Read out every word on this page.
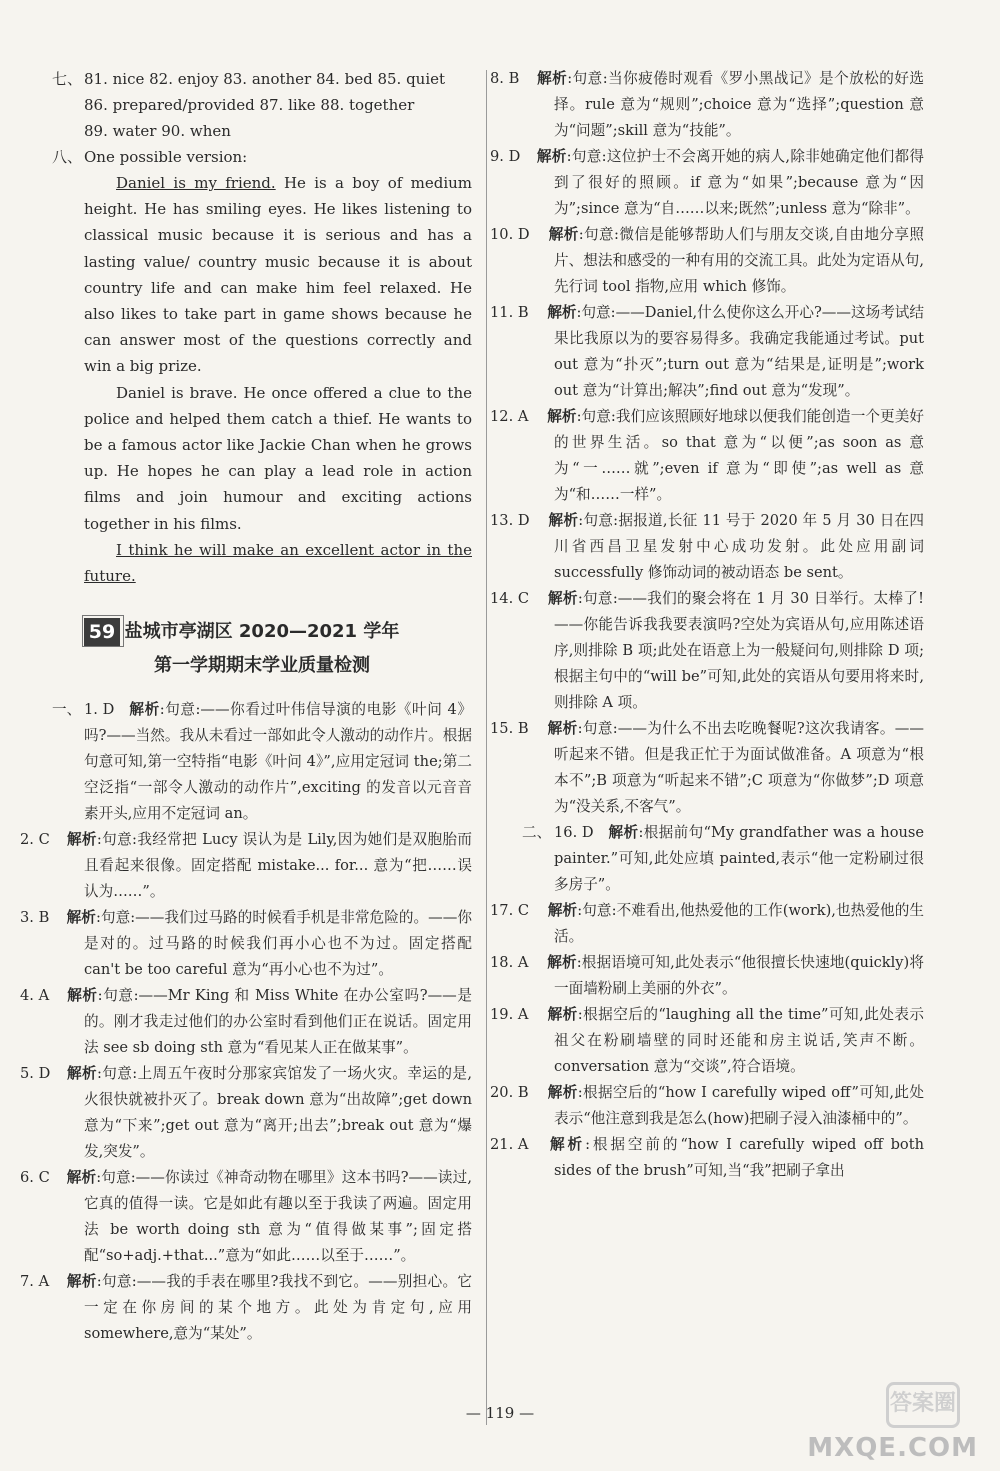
七、 81. nice 82. enjoy 83. another 84. bed 85. quiet
86. prepared/provided 87. like 88. together
89. water 90. when
八、 One possible version:

Daniel is my friend. He is a boy of medium height. He has smiling eyes. He likes listening to classical music because it is serious and has a lasting value/ country music because it is about country life and can make him feel relaxed. He also likes to take part in game shows because he can answer most of the questions correctly and win a big prize.

Daniel is brave. He once offered a clue to the police and helped them catch a thief. He wants to be a famous actor like Jackie Chan when he grows up. He hopes he can play a lead role in action films and join humour and exciting actions together in his films.

I think he will make an excellent actor in the future.

59 盐城市亭湖区 2020—2021 学年
第一学期期末学业质量检测
一、 1. D  解析:句意:——你看过叶伟信导演的电影《叶问 4》吗?——当然。我从未看过一部如此令人激动的动作片。根据句意可知,第一空特指“电影《叶问 4》”,应用定冠词 the;第二空泛指“一部令人激动的动作片”,exciting 的发音以元音音素开头,应用不定冠词 an。
2. C  解析:句意:我经常把 Lucy 误认为是 Lily,因为她们是双胞胎而且看起来很像。固定搭配 mistake... for... 意为“把……误认为……”。
3. B  解析:句意:——我们过马路的时候看手机是非常危险的。——你是对的。过马路的时候我们再小心也不为过。固定搭配 can't be too careful 意为“再小心也不为过”。
4. A  解析:句意:——Mr King 和 Miss White 在办公室吗?——是的。刚才我走过他们的办公室时看到他们正在说话。固定用法 see sb doing sth 意为“看见某人正在做某事”。
5. D  解析:句意:上周五午夜时分那家宾馆发了一场火灾。幸运的是,火很快就被扑灭了。break down 意为“出故障”;get down 意为“下来”;get out 意为“离开;出去”;break out 意为“爆发,突发”。
6. C  解析:句意:——你读过《神奇动物在哪里》这本书吗?——读过,它真的值得一读。它是如此有趣以至于我读了两遍。固定用法 be worth doing sth 意为“值得做某事”;固定搭配“so+adj.+that...”意为“如此……以至于……”。
7. A  解析:句意:——我的手表在哪里?我找不到它。——别担心。它一定在你房间的某个地方。此处为肯定句,应用 somewhere,意为“某处”。
8. B  解析:句意:当你疲倦时观看《罗小黑战记》是个放松的好选择。rule 意为“规则”;choice 意为“选择”;question 意为“问题”;skill 意为“技能”。
9. D  解析:句意:这位护士不会离开她的病人,除非她确定他们都得到了很好的照顾。if 意为“如果”;because 意为“因为”;since 意为“自……以来;既然”;unless 意为“除非”。
10. D  解析:句意:微信是能够帮助人们与朋友交谈,自由地分享照片、想法和感受的一种有用的交流工具。此处为定语从句,先行词 tool 指物,应用 which 修饰。
11. B  解析:句意:——Daniel,什么使你这么开心?——这场考试结果比我原以为的要容易得多。我确定我能通过考试。put out 意为“扑灭”;turn out 意为“结果是,证明是”;work out 意为“计算出;解决”;find out 意为“发现”。
12. A  解析:句意:我们应该照顾好地球以便我们能创造一个更美好的世界生活。so that 意为“以便”;as soon as 意为“一……就”;even if 意为“即使”;as well as 意为“和……一样”。
13. D  解析:句意:据报道,长征 11 号于 2020 年 5 月 30 日在四川省西昌卫星发射中心成功发射。此处应用副词 successfully 修饰动词的被动语态 be sent。
14. C  解析:句意:——我们的聚会将在 1 月 30 日举行。太棒了!——你能告诉我我要表演吗?空处为宾语从句,应用陈述语序,则排除 B 项;此处在语意上为一般疑问句,则排除 D 项;根据主句中的“will be”可知,此处的宾语从句要用将来时,则排除 A 项。
15. B  解析:句意:——为什么不出去吃晚餐呢?这次我请客。——听起来不错。但是我正忙于为面试做准备。A 项意为“根本不”;B 项意为“听起来不错”;C 项意为“你做梦”;D 项意为“没关系,不客气”。
二、 16. D  解析:根据前句“My grandfather was a house painter.”可知,此处应填 painted,表示“他一定粉刷过很多房子”。
17. C  解析:句意:不难看出,他热爱他的工作(work),也热爱他的生活。
18. A  解析:根据语境可知,此处表示“他很擅长快速地(quickly)将一面墙粉刷上美丽的外衣”。
19. A  解析:根据空后的“laughing all the time”可知,此处表示祖父在粉刷墙壁的同时还能和房主说话,笑声不断。conversation 意为“交谈”,符合语境。
20. B  解析:根据空后的“how I carefully wiped off”可知,此处表示“他注意到我是怎么(how)把刷子浸入油漆桶中的”。
21. A  解析:根据空前的“how I carefully wiped off both sides of the brush”可知,当“我”把刷子拿出
— 119 —	答案圈
MXQE.COM
